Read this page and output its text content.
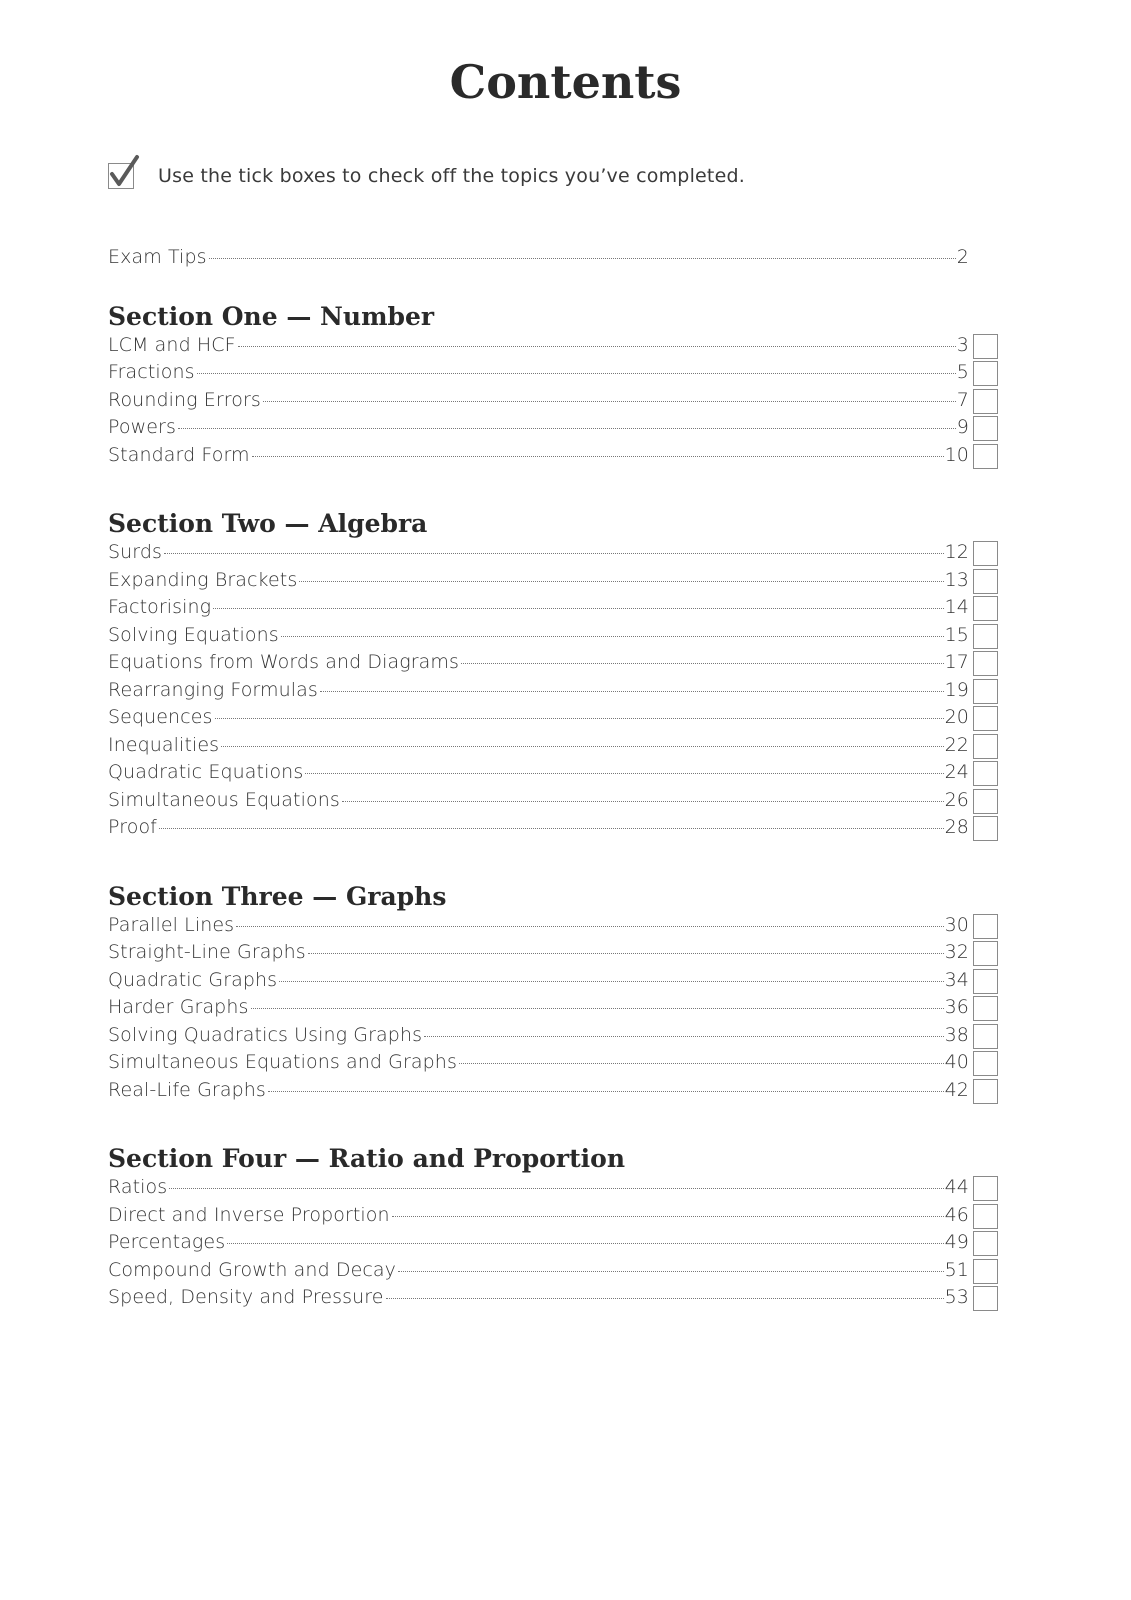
Contents
Use the tick boxes to check off the topics you’ve completed.
Exam Tips	2
Section One — Number
LCM and HCF	3
Fractions	5
Rounding Errors	7
Powers	9
Standard Form	10
Section Two — Algebra
Surds	12
Expanding Brackets	13
Factorising	14
Solving Equations	15
Equations from Words and Diagrams	17
Rearranging Formulas	19
Sequences	20
Inequalities	22
Quadratic Equations	24
Simultaneous Equations	26
Proof	28
Section Three — Graphs
Parallel Lines	30
Straight-Line Graphs	32
Quadratic Graphs	34
Harder Graphs	36
Solving Quadratics Using Graphs	38
Simultaneous Equations and Graphs	40
Real-Life Graphs	42
Section Four — Ratio and Proportion
Ratios	44
Direct and Inverse Proportion	46
Percentages	49
Compound Growth and Decay	51
Speed, Density and Pressure	53
